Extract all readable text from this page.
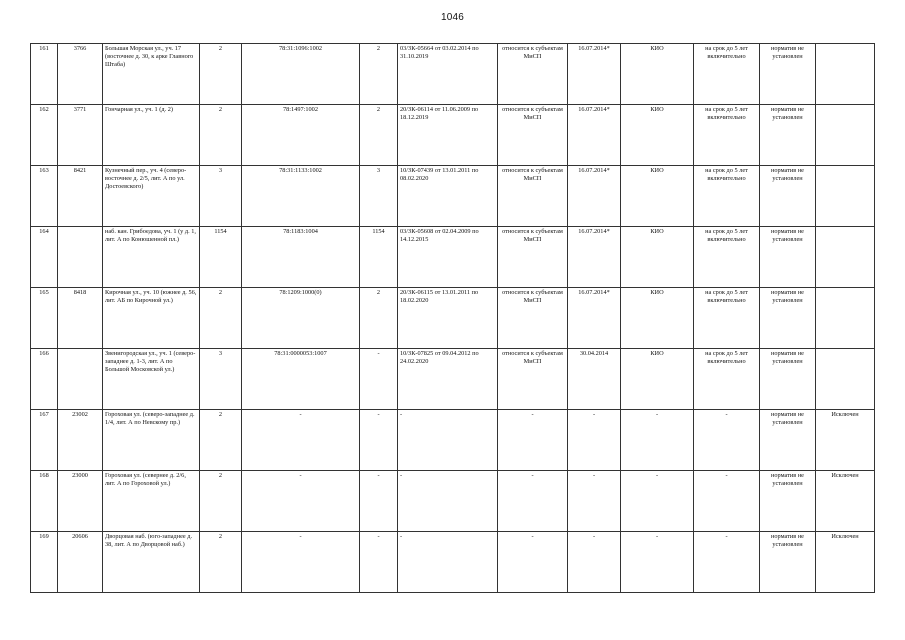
1046
161	3766	Большая Морская ул., уч. 17 (восточнее д. 30, к арке Главного Штаба)	2	78:31:1096:1002	2	03/ЗК-05664 от 03.02.2014 по 31.10.2019	относится к субъектам МиСП	16.07.2014*	КИО	на срок до 5 лет включительно	норматив не установлен	
162	3771	Гончарная ул., уч. 1 (д. 2)	2	78:1497:1002	2	20/ЗК-06114 от 11.06.2009 по 18.12.2019	относится к субъектам МиСП	16.07.2014*	КИО	на срок до 5 лет включительно	норматив не установлен	
163	8421	Кузнечный пер., уч. 4 (северо-восточнее д. 2/5, лит. А по ул. Достоевского)	3	78:31:1133:1002	3	10/ЗК-07439 от 13.01.2011 по 08.02.2020	относится к субъектам МиСП	16.07.2014*	КИО	на срок до 5 лет включительно	норматив не установлен	
164		наб. кан. Грибоедова, уч. 1 (у д. 1, лит. А по Конюшенной пл.)	1154	78:1183:1004	1154	03/ЗК-05608 от 02.04.2009 по 14.12.2015	относится к субъектам МиСП	16.07.2014*	КИО	на срок до 5 лет включительно	норматив не установлен	
165	8418	Кирочная ул., уч. 10 (южнее д. 56, лит. АБ по Кирочной ул.)	2	78:1209:1000(0)	2	20/ЗК-06115 от 13.01.2011 по 18.02.2020	относится к субъектам МиСП	16.07.2014*	КИО	на срок до 5 лет включительно	норматив не установлен	
166		Звенигородская ул., уч. 1 (северо-западнее д. 1-3, лит. А по Большой Московской ул.)	3	78:31:0000053:1007	-	10/ЗК-07825 от 09.04.2012 по 24.02.2020	относится к субъектам МиСП	30.04.2014	КИО	на срок до 5 лет включительно	норматив не установлен	
167	23002	Гороховая ул. (северо-западнее д. 1/4, лит. А по Невскому пр.)	2	-	-	-	-	-	-	-	норматив не установлен	Исключен
168	23000	Гороховая ул. (севернее д. 2/6, лит. А по Гороховой ул.)	2	-	-	-	-	-	-	-	норматив не установлен	Исключен
169	20606	Дворцовая наб. (юго-западнее д. 38, лит. А по Дворцовой наб.)	2	-	-	-	-	-	-	-	норматив не установлен	Исключен
